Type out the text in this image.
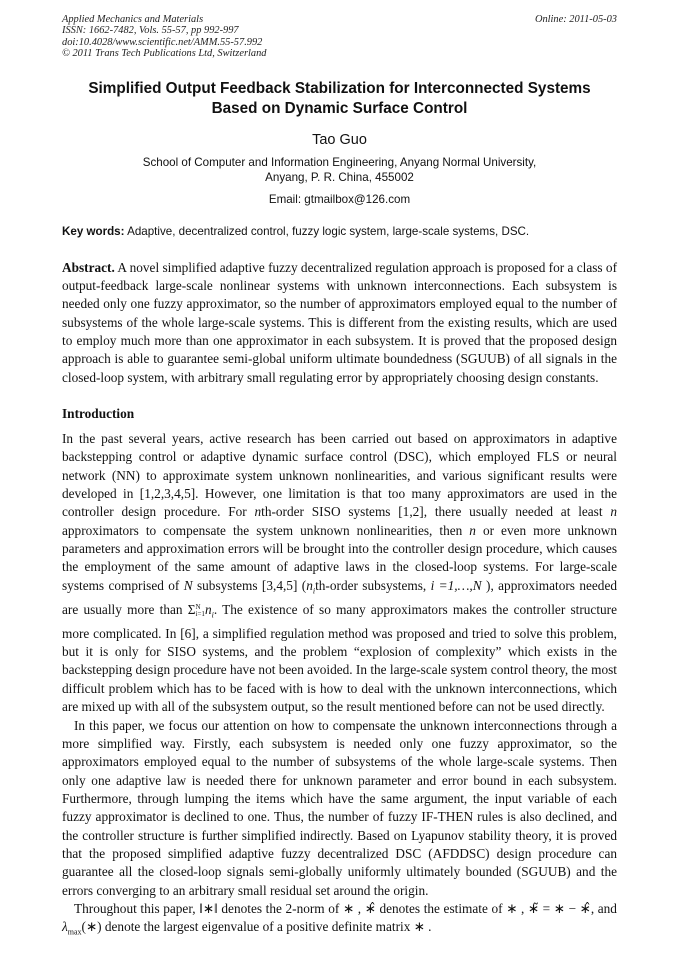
Applied Mechanics and Materials
ISSN: 1662-7482, Vols. 55-57, pp 992-997
doi:10.4028/www.scientific.net/AMM.55-57.992
© 2011 Trans Tech Publications Ltd, Switzerland
Online: 2011-05-03
Simplified Output Feedback Stabilization for Interconnected Systems
Based on Dynamic Surface Control
Tao Guo
School of Computer and Information Engineering, Anyang Normal University,
Anyang, P. R. China, 455002
Email: gtmailbox@126.com
Key words: Adaptive, decentralized control, fuzzy logic system, large-scale systems, DSC.

Abstract. A novel simplified adaptive fuzzy decentralized regulation approach is proposed for a class of output-feedback large-scale nonlinear systems with unknown interconnections. Each subsystem is needed only one fuzzy approximator, so the number of approximators employed equal to the number of subsystems of the whole large-scale systems. This is different from the existing results, which are used to employ much more than one approximator in each subsystem. It is proved that the proposed design approach is able to guarantee semi-global uniform ultimate boundedness (SGUUB) of all signals in the closed-loop system, with arbitrary small regulating error by appropriately choosing design constants.

Introduction

In the past several years, active research has been carried out based on approximators in adaptive backstepping control or adaptive dynamic surface control (DSC), which employed FLS or neural network (NN) to approximate system unknown nonlinearities, and various significant results were developed in [1,2,3,4,5]. However, one limitation is that too many approximators are used in the controller design procedure. For nth-order SISO systems [1,2], there usually needed at least n approximators to compensate the system unknown nonlinearities, then n or even more unknown parameters and approximation errors will be brought into the controller design procedure, which causes the employment of the same amount of adaptive laws in the closed-loop systems. For large-scale systems comprised of N subsystems [3,4,5] ($n_ith$-order subsystems, i =1,…,N ), approximators needed are usually more than Σ N
i=1 $n_i$. The existence of so many approximators makes the controller structure more complicated. In [6], a simplified regulation method was proposed and tried to solve this problem, but it is only for SISO systems, and the problem “explosion of complexity” which exists in the backstepping design procedure have not been avoided. In the large-scale system control theory, the most difficult problem which has to be faced with is how to deal with the unknown interconnections, which are mixed up with all of the subsystem output, so the result mentioned before can not be used directly.

In this paper, we focus our attention on how to compensate the unknown interconnections through a more simplified way. Firstly, each subsystem is needed only one fuzzy approximator, so the approximators employed equal to the number of subsystems of the whole large-scale systems. Then only one adaptive law is needed there for unknown parameter and error bound in each subsystem. Furthermore, through lumping the items which have the same argument, the input variable of each fuzzy approximator is declined to one. Thus, the number of fuzzy IF-THEN rules is also declined, and the controller structure is further simplified indirectly. Based on Lyapunov stability theory, it is proved that the proposed simplified adaptive fuzzy decentralized DSC (AFDDSC) design procedure can guarantee all the closed-loop signals semi-globally uniformly ultimately bounded (SGUUB) and the errors converging to an arbitrary small residual set around the origin.

Throughout this paper, ‖∗‖ denotes the 2-norm of ∗ , ∗̂ denotes the estimate of ∗ , ∗̃ = ∗ − ∗̂, and $\lambda_{max}(∗)$ denote the largest eigenvalue of a positive definite matrix ∗ .
